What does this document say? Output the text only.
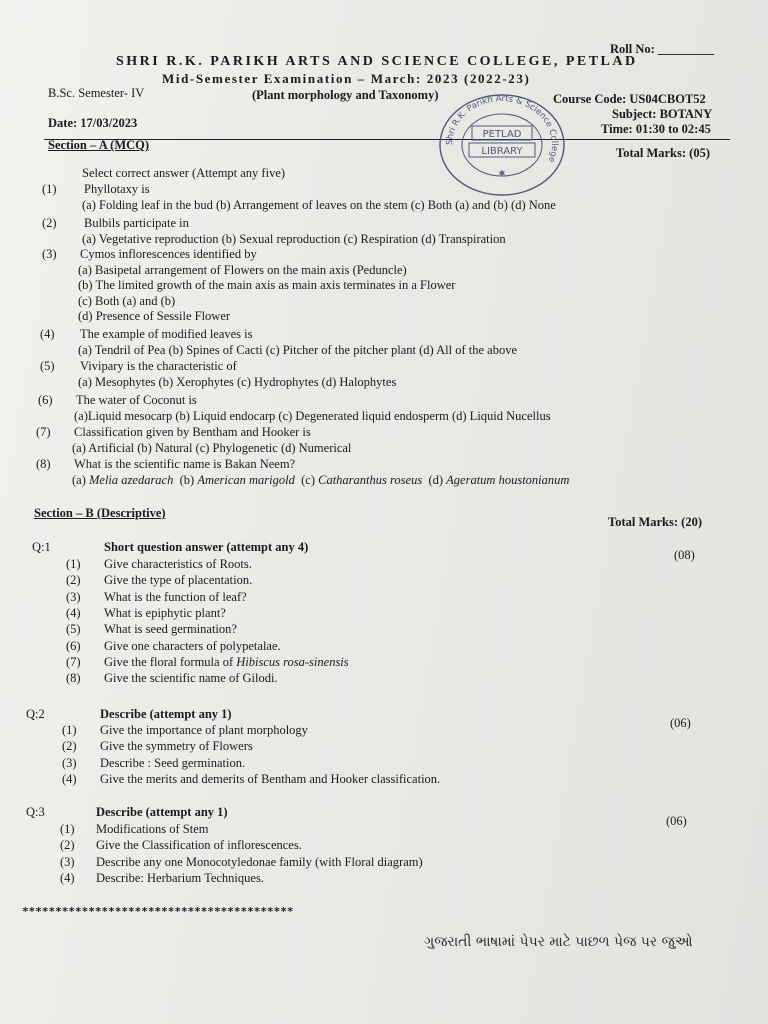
Roll No: _________
SHRI R.K. PARIKH ARTS AND SCIENCE COLLEGE, PETLAD
Mid-Semester Examination – March: 2023 (2022-23)
B.Sc. Semester- IV	(Plant morphology and Taxonomy)	Course Code: US04CBOT52
Subject: BOTANY
Date: 17/03/2023	Time: 01:30 to 02:45
Shri R.K. Parikh Arts & Science College
PETLAD
LIBRARY
✱
Section – A (MCQ)
Total Marks: (05)
Select correct answer (Attempt any five)
(1) Phyllotaxy is
(a) Folding leaf in the bud (b) Arrangement of leaves on the stem (c) Both (a) and (b) (d) None
(2) Bulbils participate in
(a) Vegetative reproduction (b) Sexual reproduction (c) Respiration (d) Transpiration
(3) Cymos inflorescences identified by
(a) Basipetal arrangement of Flowers on the main axis (Peduncle)
(b) The limited growth of the main axis as main axis terminates in a Flower
(c) Both (a) and (b)
(d) Presence of Sessile Flower
(4) The example of modified leaves is
(a) Tendril of Pea (b) Spines of Cacti (c) Pitcher of the pitcher plant (d) All of the above
(5) Vivipary is the characteristic of
(a) Mesophytes (b) Xerophytes (c) Hydrophytes (d) Halophytes
(6) The water of Coconut is
(a)Liquid mesocarp (b) Liquid endocarp (c) Degenerated liquid endosperm (d) Liquid Nucellus
(7) Classification given by Bentham and Hooker is
(a) Artificial (b) Natural (c) Phylogenetic (d) Numerical
(8) What is the scientific name is Bakan Neem?
(a) Melia azedarach  (b) American marigold  (c) Catharanthus roseus  (d) Ageratum houstonianum
Section – B (Descriptive)
Total Marks: (20)
Q:1	Short question answer (attempt any 4)
(08)
(1) Give characteristics of Roots.
(2) Give the type of placentation.
(3) What is the function of leaf?
(4) What is epiphytic plant?
(5) What is seed germination?
(6) Give one characters of polypetalae.
(7) Give the floral formula of Hibiscus rosa-sinensis
(8) Give the scientific name of Gilodi.
Q:2	Describe (attempt any 1)
(06)
(1) Give the importance of plant morphology
(2) Give the symmetry of Flowers
(3) Describe : Seed germination.
(4) Give the merits and demerits of Bentham and Hooker classification.
Q:3	Describe (attempt any 1)
(06)
(1) Modifications of Stem
(2) Give the Classification of inflorescences.
(3) Describe any one Monocotyledonae family (with Floral diagram)
(4) Describe: Herbarium Techniques.
*****************************************
ગુજરાતી ભાષામાં પેપર માટે પાછળ પેજ પર જુઓ
